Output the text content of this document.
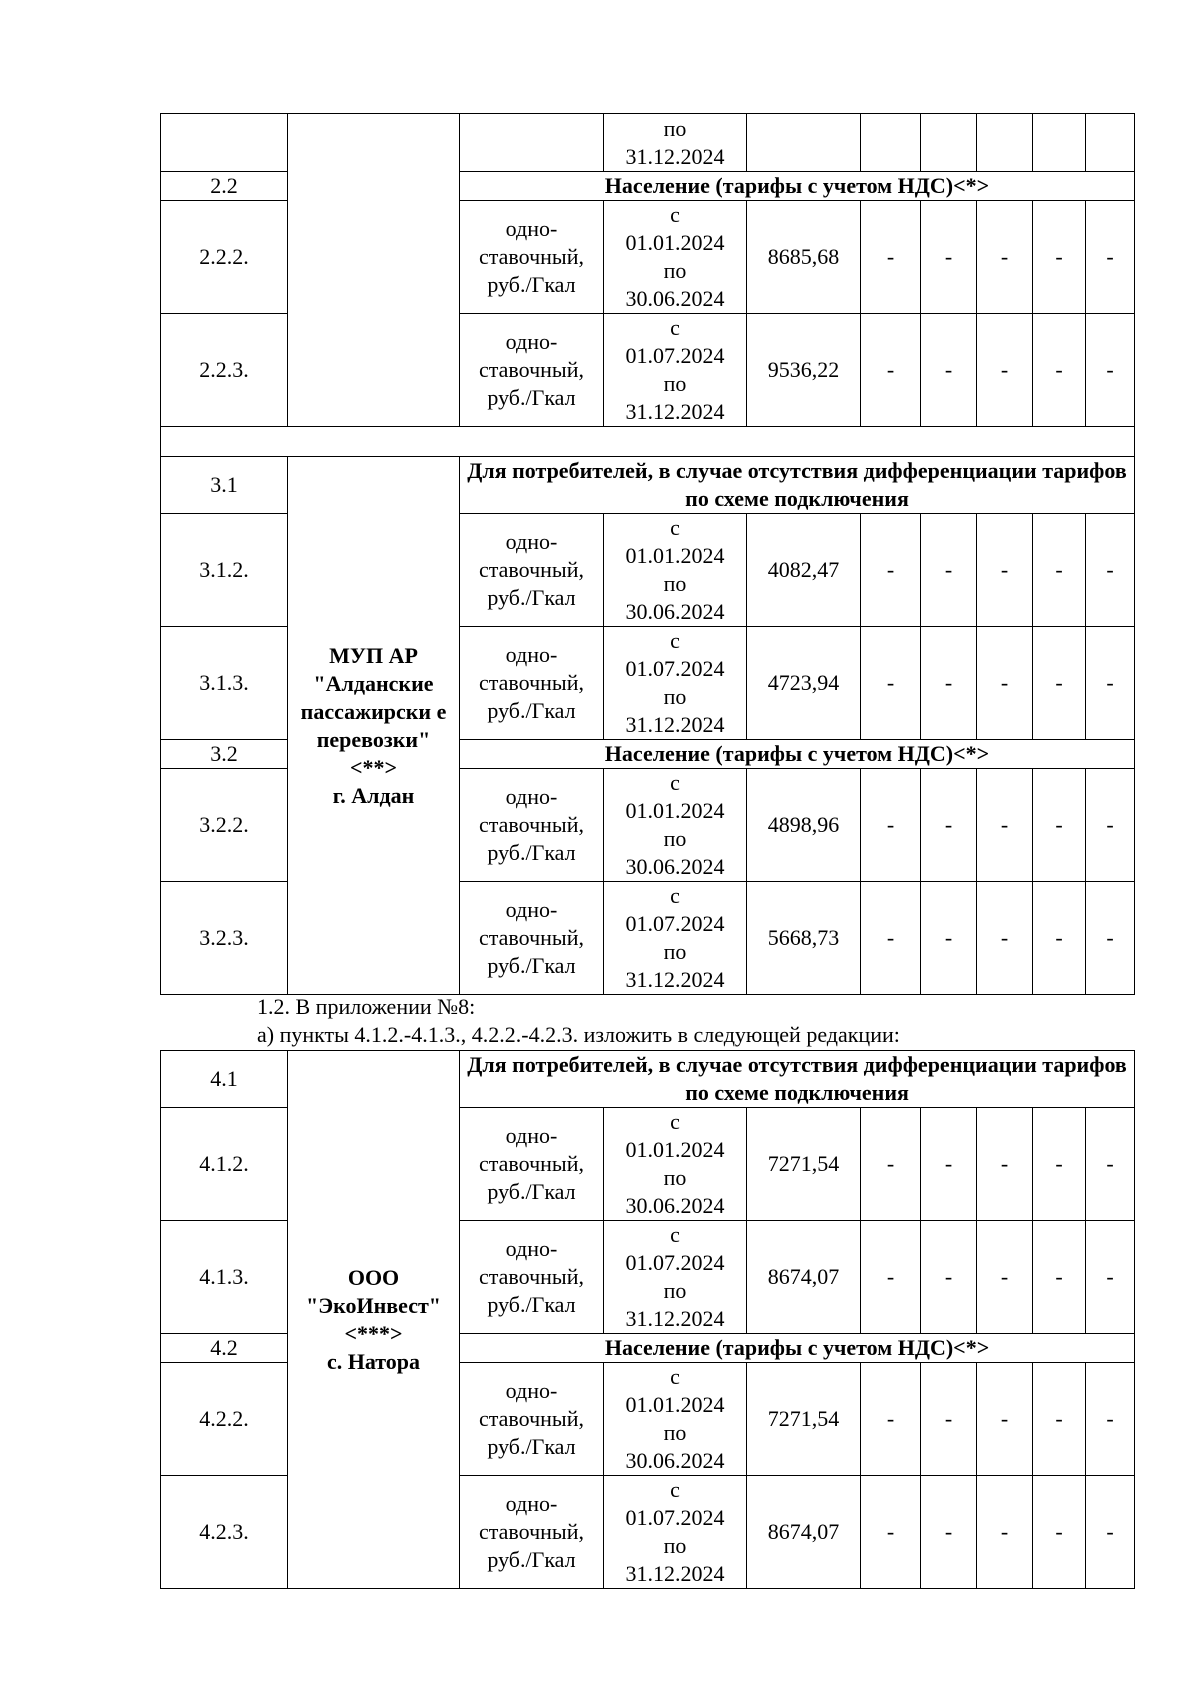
			по
31.12.2024						
2.2		Население (тарифы с учетом НДС)<*>							
2.2.2.		одно-
ставочный,
руб./Гкал	с
01.01.2024
по
30.06.2024	8685,68	-	-	-	-	-
2.2.3.		одно-
ставочный,
руб./Гкал	с
01.07.2024
по
31.12.2024	9536,22	-	-	-	-	-

3.1	МУП АР
"Алданские пассажирски е перевозки"
<**>
г. Алдан	Для потребителей, в случае отсутствия дифференциации тарифов по схеме подключения							
3.1.2.		одно-
ставочный,
руб./Гкал	с
01.01.2024
по
30.06.2024	4082,47	-	-	-	-	-
3.1.3.		одно-
ставочный,
руб./Гкал	с
01.07.2024
по
31.12.2024	4723,94	-	-	-	-	-
3.2		Население (тарифы с учетом НДС)<*>							
3.2.2.		одно-
ставочный,
руб./Гкал	с
01.01.2024
по
30.06.2024	4898,96	-	-	-	-	-
3.2.3.		одно-
ставочный,
руб./Гкал	с
01.07.2024
по
31.12.2024	5668,73	-	-	-	-	-
1.2. В приложении №8:
а) пункты 4.1.2.-4.1.3., 4.2.2.-4.2.3. изложить в следующей редакции:
4.1	ООО
"ЭкоИнвест"
<***>
с. Натора	Для потребителей, в случае отсутствия дифференциации тарифов по схеме подключения							
4.1.2.		одно-
ставочный,
руб./Гкал	с
01.01.2024
по
30.06.2024	7271,54	-	-	-	-	-
4.1.3.		одно-
ставочный,
руб./Гкал	с
01.07.2024
по
31.12.2024	8674,07	-	-	-	-	-
4.2		Население (тарифы с учетом НДС)<*>							
4.2.2.		одно-
ставочный,
руб./Гкал	с
01.01.2024
по
30.06.2024	7271,54	-	-	-	-	-
4.2.3.		одно-
ставочный,
руб./Гкал	с
01.07.2024
по
31.12.2024	8674,07	-	-	-	-	-
